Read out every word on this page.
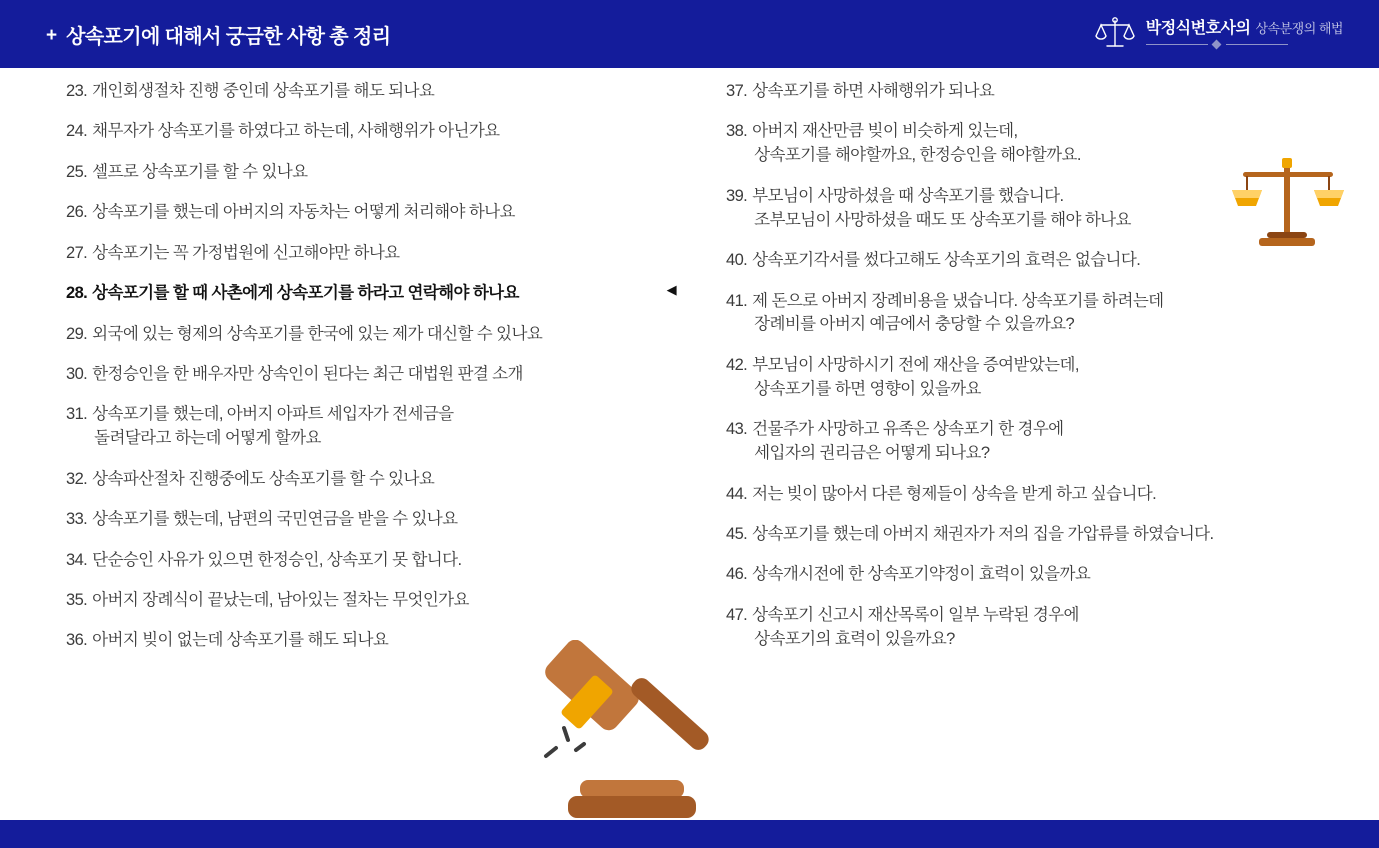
+ 상속포기에 대해서 궁금한 사항 총 정리	박정식변호사의 상속분쟁의 해법
23. 개인회생절차 진행 중인데 상속포기를 해도 되나요
24. 채무자가 상속포기를 하였다고 하는데, 사해행위가 아닌가요
25. 셀프로 상속포기를 할 수 있나요
26. 상속포기를 했는데 아버지의 자동차는 어떻게 처리해야 하나요
27. 상속포기는 꼭 가정법원에 신고해야만 하나요
28. 상속포기를 할 때 사촌에게 상속포기를 하라고 연락해야 하나요	◀
29. 외국에 있는 형제의 상속포기를 한국에 있는 제가 대신할 수 있나요
30. 한정승인을 한 배우자만 상속인이 된다는 최근 대법원 판결 소개
31. 상속포기를 했는데, 아버지 아파트 세입자가 전세금을
돌려달라고 하는데 어떻게 할까요
32. 상속파산절차 진행중에도 상속포기를 할 수 있나요
33. 상속포기를 했는데, 남편의 국민연금을 받을 수 있나요
34. 단순승인 사유가 있으면 한정승인, 상속포기 못 합니다.
35. 아버지 장례식이 끝났는데, 남아있는 절차는 무엇인가요
36. 아버지 빚이 없는데 상속포기를 해도 되나요
37. 상속포기를 하면 사해행위가 되나요
38. 아버지 재산만큼 빚이 비슷하게 있는데,
상속포기를 해야할까요, 한정승인을 해야할까요.
39. 부모님이 사망하셨을 때 상속포기를 했습니다.
조부모님이 사망하셨을 때도 또 상속포기를 해야 하나요
40. 상속포기각서를 썼다고해도 상속포기의 효력은 없습니다.
41. 제 돈으로 아버지 장례비용을 냈습니다. 상속포기를 하려는데
장례비를 아버지 예금에서 충당할 수 있을까요?
42. 부모님이 사망하시기 전에 재산을 증여받았는데,
상속포기를 하면 영향이 있을까요
43. 건물주가 사망하고 유족은 상속포기 한 경우에
세입자의 권리금은 어떻게 되나요?
44. 저는 빚이 많아서 다른 형제들이 상속을 받게 하고 싶습니다.
45. 상속포기를 했는데 아버지 채권자가 저의 집을 가압류를 하였습니다.
46. 상속개시전에 한 상속포기약정이 효력이 있을까요
47. 상속포기 신고시 재산목록이 일부 누락된 경우에
상속포기의 효력이 있을까요?
